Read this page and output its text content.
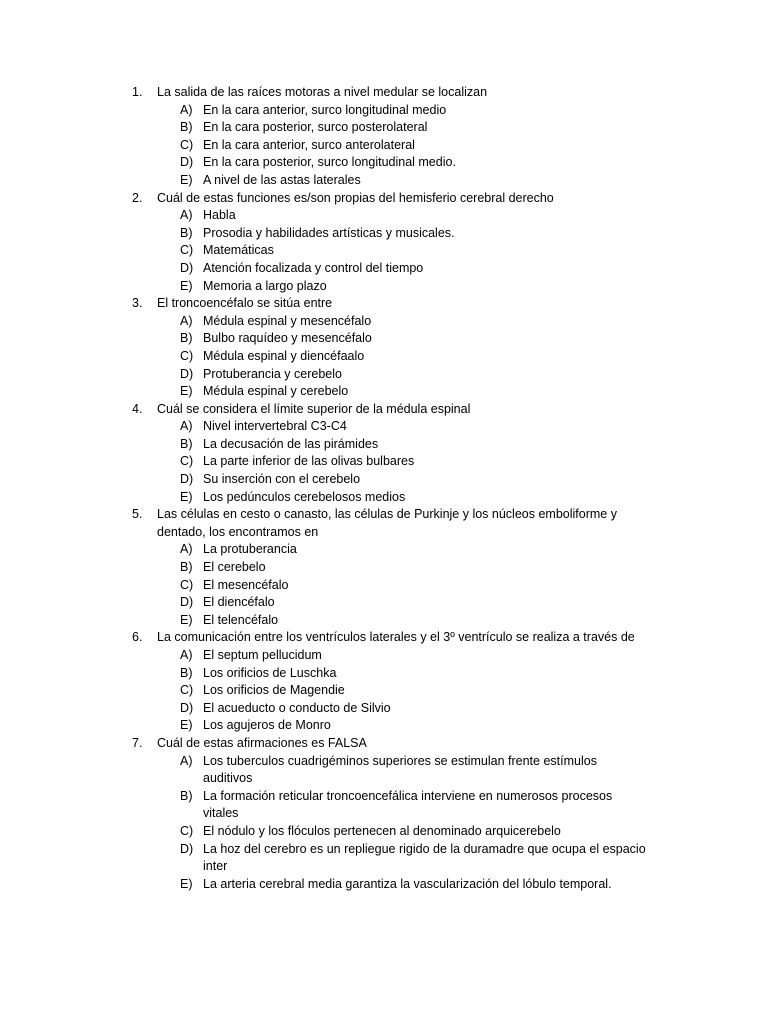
1. La salida de las raíces motoras a nivel medular se localizan
A) En la cara anterior, surco longitudinal medio
B) En la cara posterior, surco posterolateral
C) En la cara anterior, surco anterolateral
D) En la cara posterior, surco longitudinal medio.
E) A nivel de las astas laterales
2. Cuál de estas funciones es/son propias del hemisferio cerebral derecho
A) Habla
B) Prosodia y habilidades artísticas y musicales.
C) Matemáticas
D) Atención focalizada y control del tiempo
E) Memoria a largo plazo
3. El troncoencéfalo se sitúa entre
A) Médula espinal y mesencéfalo
B) Bulbo raquídeo y mesencéfalo
C) Médula espinal y diencéfaalo
D) Protuberancia y cerebelo
E) Médula espinal y cerebelo
4. Cuál se considera el límite superior de la médula espinal
A) Nivel intervertebral C3-C4
B) La decusación de las pirámides
C) La parte inferior de las olivas bulbares
D) Su inserción con el cerebelo
E) Los pedúnculos cerebelosos medios
5. Las células en cesto o canasto, las células de Purkinje y los núcleos emboliforme y dentado, los encontramos en
A) La protuberancia
B) El cerebelo
C) El mesencéfalo
D) El diencéfalo
E) El telencéfalo
6. La comunicación entre los ventrículos laterales y el 3º ventrículo se realiza a través de
A) El septum pellucidum
B) Los orificios de Luschka
C) Los orificios de Magendie
D) El acueducto o conducto de Silvio
E) Los agujeros de Monro
7. Cuál de estas afirmaciones es FALSA
A) Los tuberculos cuadrigéminos superiores se estimulan frente estímulos auditivos
B) La formación reticular troncoencefálica interviene en numerosos procesos vitales
C) El nódulo y los flóculos pertenecen al denominado arquicerebelo
D) La hoz del cerebro es un repliegue rigido de la duramadre que ocupa el espacio inter
E) La arteria cerebral media garantiza la vascularización del lóbulo temporal.
